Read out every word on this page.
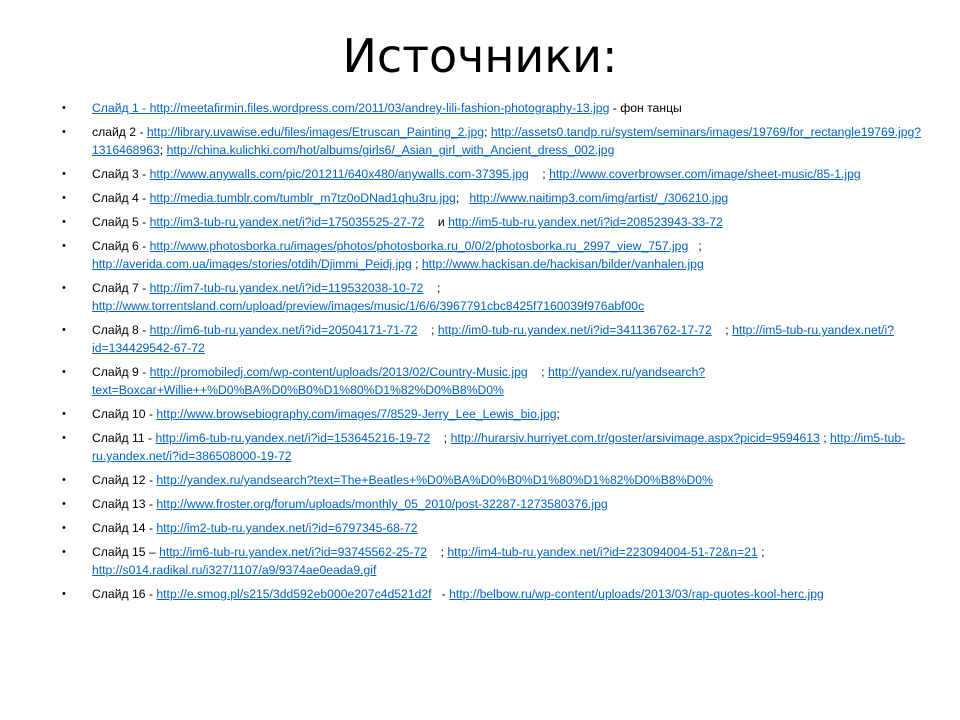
Источники:
• Слайд 1 - http://meetafirmin.files.wordpress.com/2011/03/andrey-lili-fashion-photography-13.jpg - фон танцы
• слайд 2 - http://library.uvawise.edu/files/images/Etruscan_Painting_2.jpg; http://assets0.tandp.ru/system/seminars/images/19769/for_rectangle19769.jpg?1316468963; http://china.kulichki.com/hot/albums/girls6/_Asian_girl_with_Ancient_dress_002.jpg
• Слайд 3 - http://www.anywalls.com/pic/201211/640x480/anywalls.com-37395.jpg    ; http://www.coverbrowser.com/image/sheet-music/85-1.jpg
• Слайд 4 - http://media.tumblr.com/tumblr_m7tz0oDNad1qhu3ru.jpg;   http://www.naitimp3.com/img/artist/_/306210.jpg
• Слайд 5 - http://im3-tub-ru.yandex.net/i?id=175035525-27-72    и http://im5-tub-ru.yandex.net/i?id=208523943-33-72
• Слайд 6 - http://www.photosborka.ru/images/photos/photosborka.ru_0/0/2/photosborka.ru_2997_view_757.jpg   ; http://averida.com.ua/images/stories/otdih/Djimmi_Peidj.jpg ; http://www.hackisan.de/hackisan/bilder/vanhalen.jpg
• Слайд 7 - http://im7-tub-ru.yandex.net/i?id=119532038-10-72    ; http://www.torrentsland.com/upload/preview/images/music/1/6/6/3967791cbc8425f7160039f976abf00c
• Слайд 8 - http://im6-tub-ru.yandex.net/i?id=20504171-71-72    ; http://im0-tub-ru.yandex.net/i?id=341136762-17-72    ; http://im5-tub-ru.yandex.net/i?id=134429542-67-72
• Слайд 9 - http://promobiledj.com/wp-content/uploads/2013/02/Country-Music.jpg    ; http://yandex.ru/yandsearch?text=Boxcar+Willie++%D0%BA%D0%B0%D1%80%D1%82%D0%B8%D0%
• Слайд 10 - http://www.browsebiography.com/images/7/8529-Jerry_Lee_Lewis_bio.jpg;
• Слайд 11 - http://im6-tub-ru.yandex.net/i?id=153645216-19-72    ; http://hurarsiv.hurriyet.com.tr/goster/arsivimage.aspx?picid=9594613 ; http://im5-tub-ru.yandex.net/i?id=386508000-19-72
• Слайд 12 - http://yandex.ru/yandsearch?text=The+Beatles+%D0%BA%D0%B0%D1%80%D1%82%D0%B8%D0%
• Слайд 13 - http://www.froster.org/forum/uploads/monthly_05_2010/post-32287-1273580376.jpg
• Слайд 14 - http://im2-tub-ru.yandex.net/i?id=6797345-68-72
• Слайд 15 – http://im6-tub-ru.yandex.net/i?id=93745562-25-72    ; http://im4-tub-ru.yandex.net/i?id=223094004-51-72&n=21 ; http://s014.radikal.ru/i327/1107/a9/9374ae0eada9.gif
• Слайд 16 - http://e.smog.pl/s215/3dd592eb000e207c4d521d2f   - http://belbow.ru/wp-content/uploads/2013/03/rap-quotes-kool-herc.jpg
